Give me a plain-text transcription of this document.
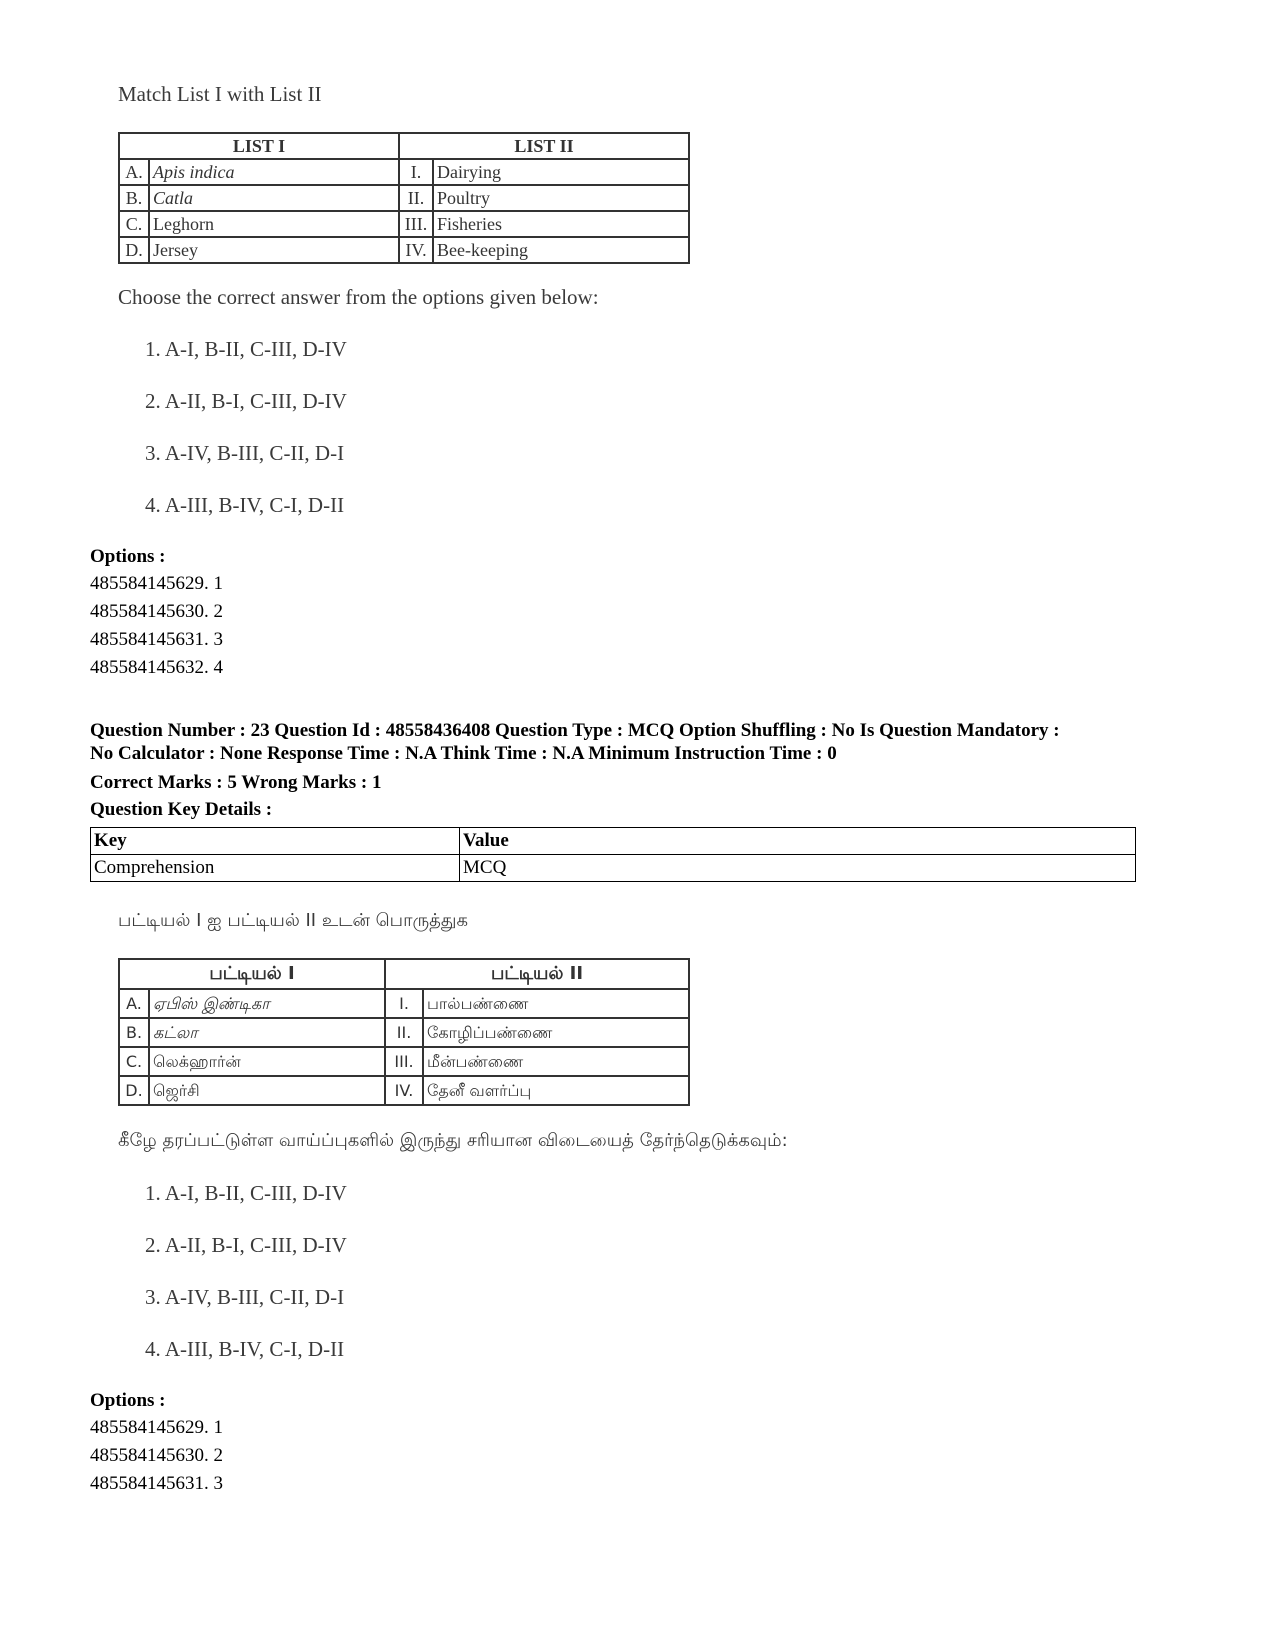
Match List I with List II
LIST I		LIST II	
A.	Apis indica	I.	Dairying
B.	Catla	II.	Poultry
C.	Leghorn	III.	Fisheries
D.	Jersey	IV.	Bee-keeping
Choose the correct answer from the options given below:
1. A-I, B-II, C-III, D-IV
2. A-II, B-I, C-III, D-IV
3. A-IV, B-III, C-II, D-I
4. A-III, B-IV, C-I, D-II
Options :
485584145629. 1
485584145630. 2
485584145631. 3
485584145632. 4
Question Number : 23 Question Id : 48558436408 Question Type : MCQ Option Shuffling : No Is Question Mandatory :
No Calculator : None Response Time : N.A Think Time : N.A Minimum Instruction Time : 0
Correct Marks : 5 Wrong Marks : 1
Question Key Details :
Key	Value
Comprehension	MCQ
பட்டியல் I ஐ பட்டியல் II உடன் பொருத்துக
பட்டியல் I		பட்டியல் II	
A.	ஏபிஸ் இண்டிகா	I.	பால்பண்ணை
B.	கட்லா	II.	கோழிப்பண்ணை
C.	லெக்ஹார்ன்	III.	மீன்பண்ணை
D.	ஜெர்சி	IV.	தேனீ வளர்ப்பு
கீழே தரப்பட்டுள்ள வாய்ப்புகளில் இருந்து சரியான விடையைத் தேர்ந்தெடுக்கவும்:
1. A-I, B-II, C-III, D-IV
2. A-II, B-I, C-III, D-IV
3. A-IV, B-III, C-II, D-I
4. A-III, B-IV, C-I, D-II
Options :
485584145629. 1
485584145630. 2
485584145631. 3
